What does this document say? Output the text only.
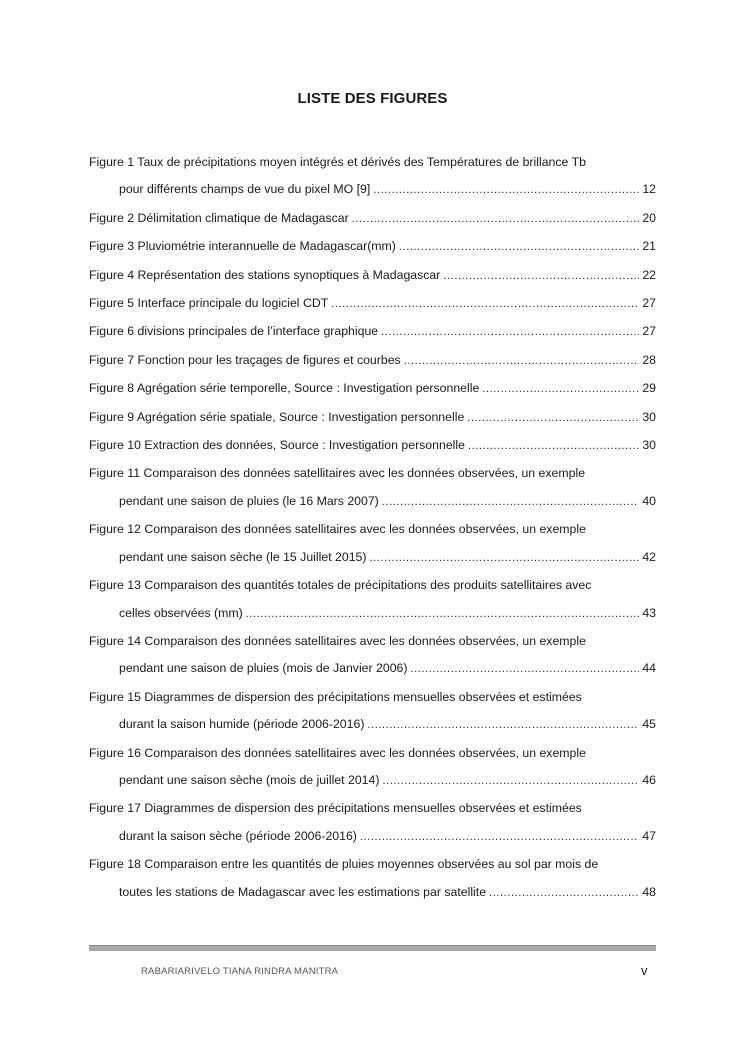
LISTE DES FIGURES
Figure 1 Taux de précipitations moyen intégrés et dérivés des Températures de brillance Tb
pour différents champs de vue du pixel MO [9] .....	12
Figure 2 Délimitation climatique de Madagascar .....	20
Figure 3 Pluviométrie interannuelle de Madagascar(mm) .....	21
Figure 4 Représentation des stations synoptiques à Madagascar .....	22
Figure 5 Interface principale du logiciel CDT .....	27
Figure 6 divisions principales de l’interface graphique .....	27
Figure 7 Fonction pour les traçages de figures et courbes .....	28
Figure 8 Agrégation série temporelle, Source : Investigation personnelle .....	29
Figure 9 Agrégation série spatiale, Source : Investigation personnelle .....	30
Figure 10 Extraction des données, Source : Investigation personnelle .....	30
Figure 11 Comparaison des données satellitaires avec les données observées, un exemple
pendant une saison de pluies (le 16 Mars 2007) .....	40
Figure 12 Comparaison des données satellitaires avec les données observées, un exemple
pendant une saison sèche (le 15 Juillet 2015) .....	42
Figure 13 Comparaison des quantités totales de précipitations des produits satellitaires avec
celles observées (mm) .....	43
Figure 14 Comparaison des données satellitaires avec les données observées, un exemple
pendant une saison de pluies (mois de Janvier 2006) .....	44
Figure 15 Diagrammes de dispersion des précipitations mensuelles observées et estimées
durant la saison humide (période 2006-2016) .....	45
Figure 16 Comparaison des données satellitaires avec les données observées, un exemple
pendant une saison sèche (mois de juillet 2014) .....	46
Figure 17 Diagrammes de dispersion des précipitations mensuelles observées et estimées
durant la saison sèche (période 2006-2016) .....	47
Figure 18 Comparaison entre les quantités de pluies moyennes observées au sol par mois de
toutes les stations de Madagascar avec les estimations par satellite .....	48
RABARIARIVELO TIANA RINDRA MANITRA	v
